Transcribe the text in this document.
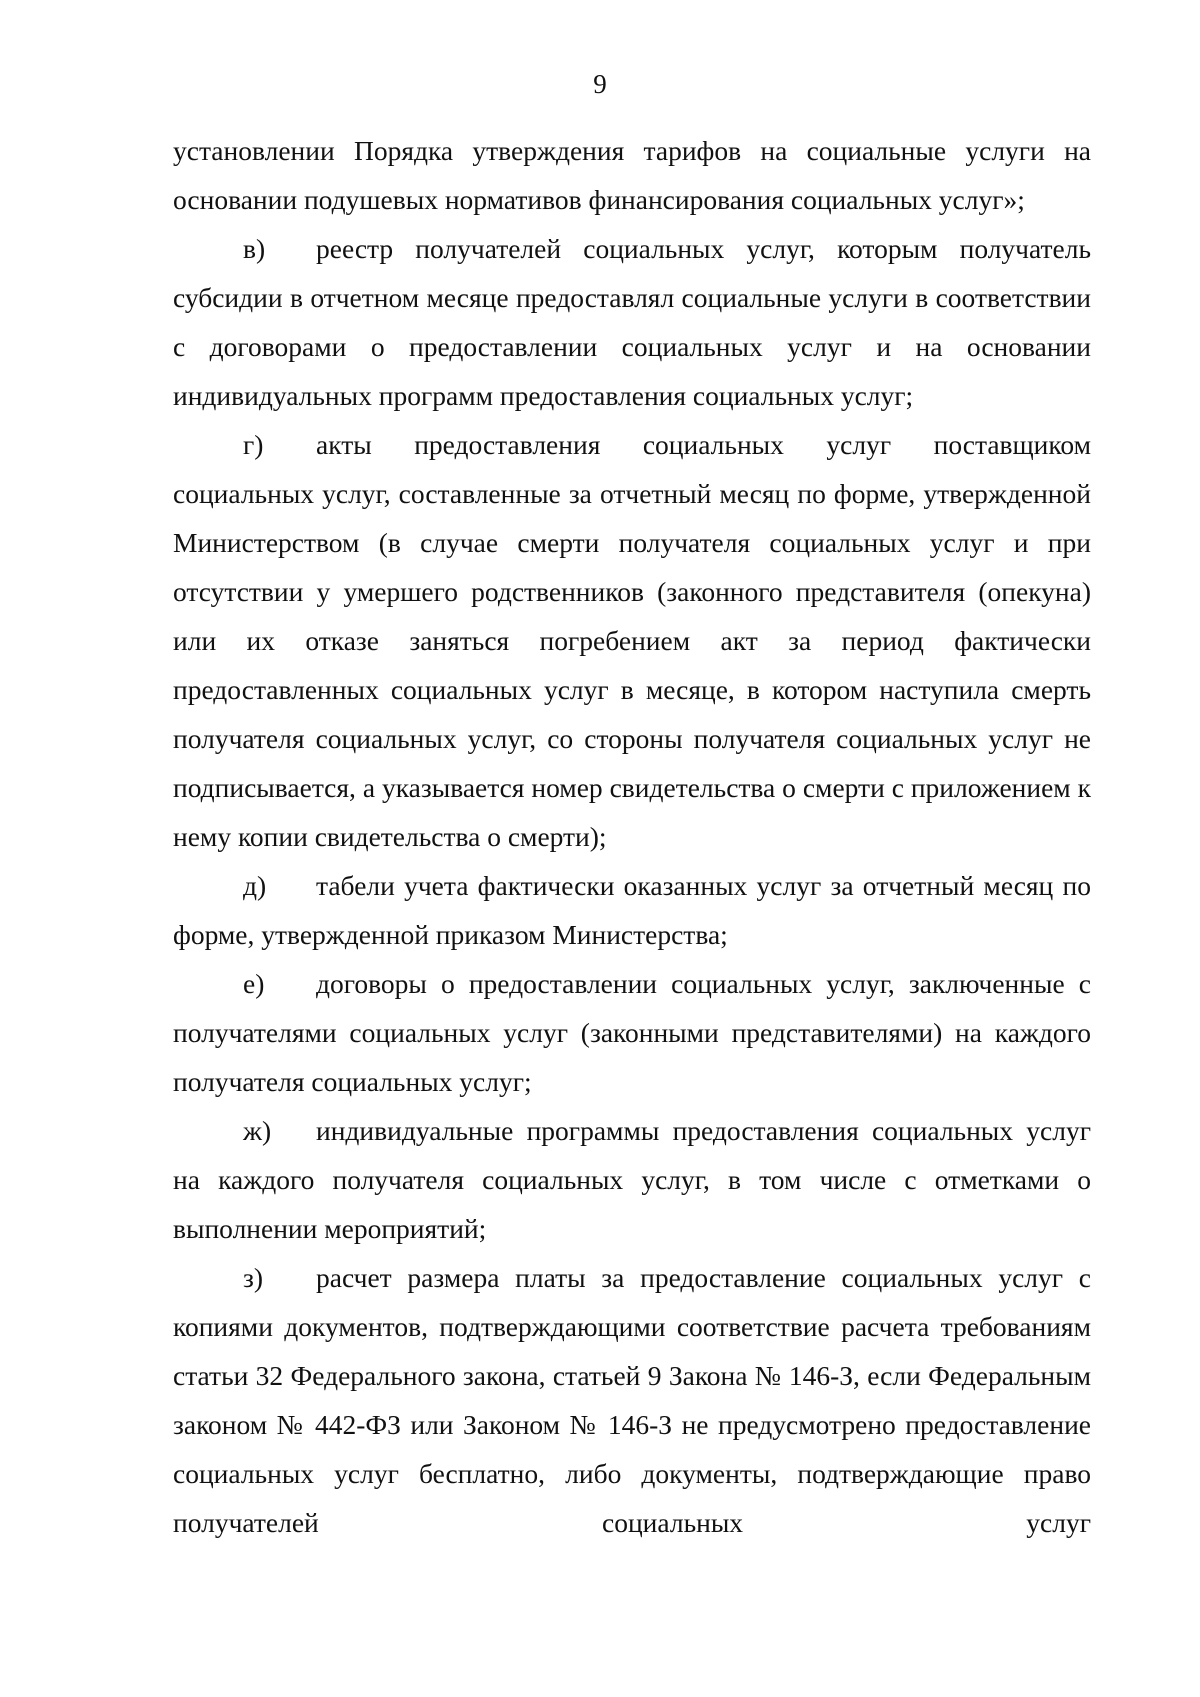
9

установлении Порядка утверждения тарифов на социальные услуги на основании подушевых нормативов финансирования социальных услуг»;

в) реестр получателей социальных услуг, которым получатель субсидии в отчетном месяце предоставлял социальные услуги в соответствии с договорами о предоставлении социальных услуг и на основании индивидуальных программ предоставления социальных услуг;

г) акты предоставления социальных услуг поставщиком социальных услуг, составленные за отчетный месяц по форме, утвержденной Министерством (в случае смерти получателя социальных услуг и при отсутствии у умершего родственников (законного представителя (опекуна) или их отказе заняться погребением акт за период фактически предоставленных социальных услуг в месяце, в котором наступила смерть получателя социальных услуг, со стороны получателя социальных услуг не подписывается, а указывается номер свидетельства о смерти с приложением к нему копии свидетельства о смерти);

д) табели учета фактически оказанных услуг за отчетный месяц по форме, утвержденной приказом Министерства;

е) договоры о предоставлении социальных услуг, заключенные с получателями социальных услуг (законными представителями) на каждого получателя социальных услуг;

ж) индивидуальные программы предоставления социальных услуг на каждого получателя социальных услуг, в том числе с отметками о выполнении мероприятий;

з) расчет размера платы за предоставление социальных услуг с копиями документов, подтверждающими соответствие расчета требованиям статьи 32 Федерального закона, статьей 9 Закона № 146-З, если Федеральным законом № 442-ФЗ или Законом № 146-З не предусмотрено предоставление социальных услуг бесплатно, либо документы, подтверждающие право получателей социальных услуг
